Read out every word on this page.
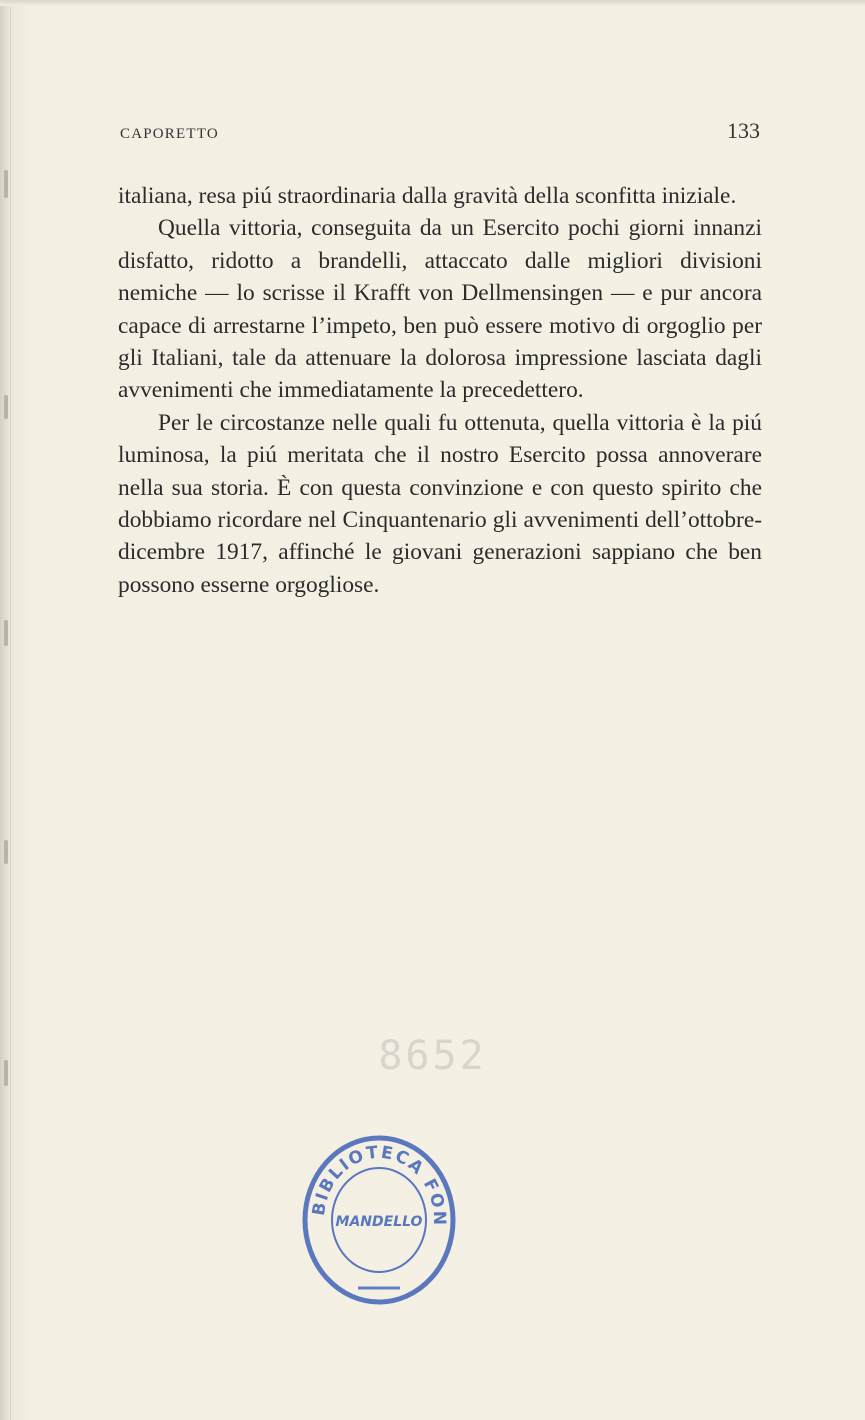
CAPORETTO	133

italiana, resa piú straordinaria dalla gravità della sconfitta iniziale.

Quella vittoria, conseguita da un Esercito pochi giorni innanzi disfatto, ridotto a brandelli, attaccato dalle migliori divisioni nemiche — lo scrisse il Krafft von Dellmensingen — e pur ancora capace di arrestarne l’impeto, ben può essere motivo di orgoglio per gli Italiani, tale da attenuare la dolorosa impressione lasciata dagli avvenimenti che immediatamente la precedettero.

Per le circostanze nelle quali fu ottenuta, quella vittoria è la piú luminosa, la piú meritata che il nostro Esercito possa annoverare nella sua storia. È con questa convinzione e con questo spirito che dobbiamo ricordare nel Cinquantenario gli avvenimenti dell’ottobre-dicembre 1917, affinché le giovani generazioni sappiano che ben possono esserne orgogliose.

8652
BIBLIOTECA FON
MANDELLO
